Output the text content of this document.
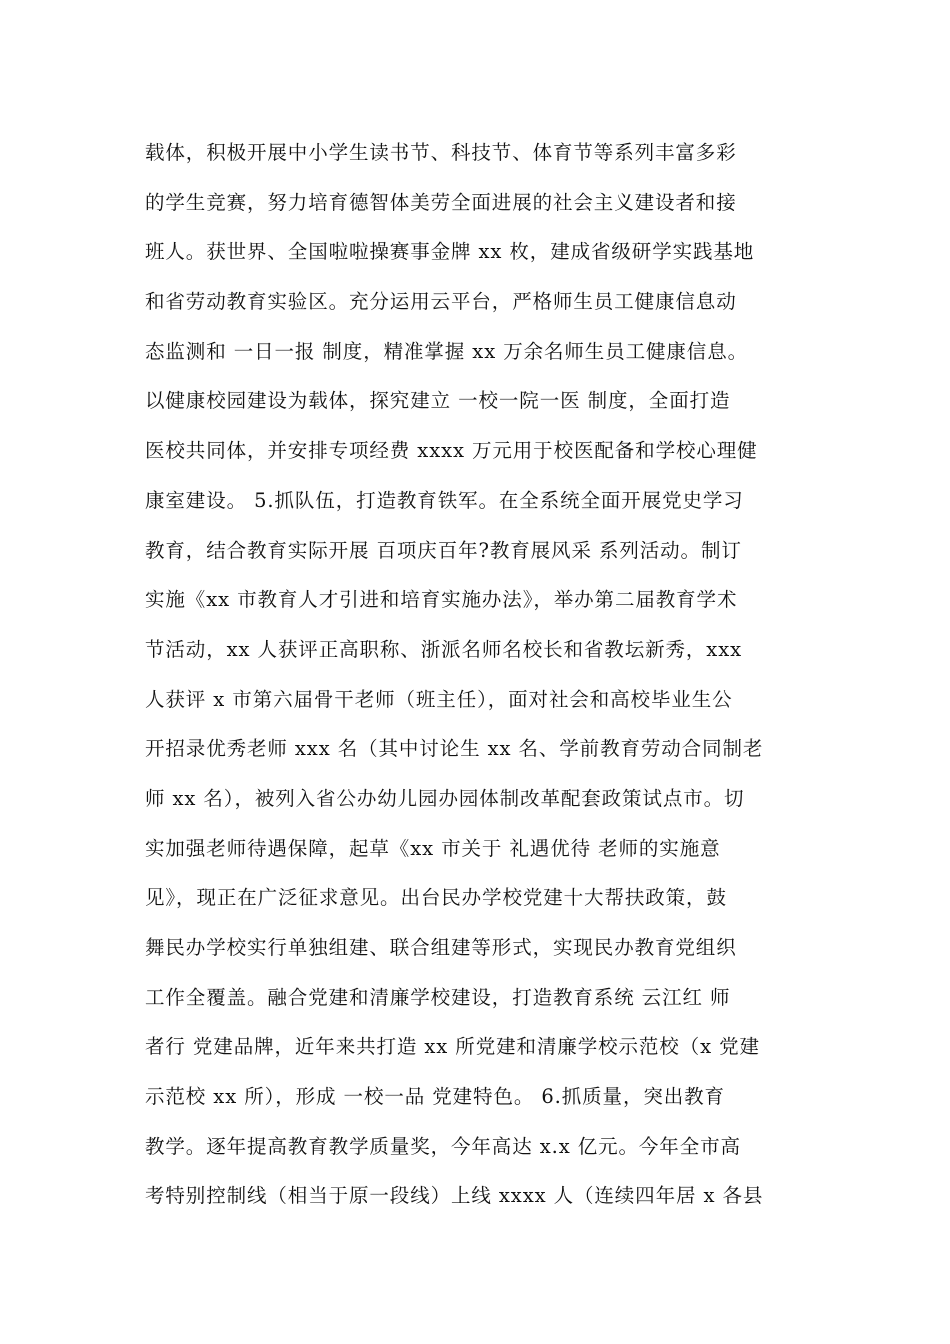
载体，积极开展中小学生读书节、科技节、体育节等系列丰富多彩
的学生竞赛，努力培育德智体美劳全面进展的社会主义建设者和接
班人。获世界、全国啦啦操赛事金牌 xx 枚，建成省级研学实践基地
和省劳动教育实验区。充分运用云平台，严格师生员工健康信息动
态监测和 一日一报 制度，精准掌握 xx 万余名师生员工健康信息。
以健康校园建设为载体，探究建立 一校一院一医 制度，全面打造
医校共同体，并安排专项经费 xxxx 万元用于校医配备和学校心理健
康室建设。 5.抓队伍，打造教育铁军。在全系统全面开展党史学习
教育，结合教育实际开展 百项庆百年?教育展风采 系列活动。制订
实施《xx 市教育人才引进和培育实施办法》，举办第二届教育学术
节活动，xx 人获评正高职称、浙派名师名校长和省教坛新秀，xxx
人获评 x 市第六届骨干老师（班主任），面对社会和高校毕业生公
开招录优秀老师 xxx 名（其中讨论生 xx 名、学前教育劳动合同制老
师 xx 名），被列入省公办幼儿园办园体制改革配套政策试点市。切
实加强老师待遇保障，起草《xx 市关于 礼遇优待 老师的实施意
见》，现正在广泛征求意见。出台民办学校党建十大帮扶政策，鼓
舞民办学校实行单独组建、联合组建等形式，实现民办教育党组织
工作全覆盖。融合党建和清廉学校建设，打造教育系统 云江红 师
者行 党建品牌，近年来共打造 xx 所党建和清廉学校示范校（x 党建
示范校 xx 所），形成 一校一品 党建特色。 6.抓质量，突出教育
教学。逐年提高教育教学质量奖，今年高达 x.x 亿元。今年全市高
考特别控制线（相当于原一段线）上线 xxxx 人（连续四年居 x 各县
